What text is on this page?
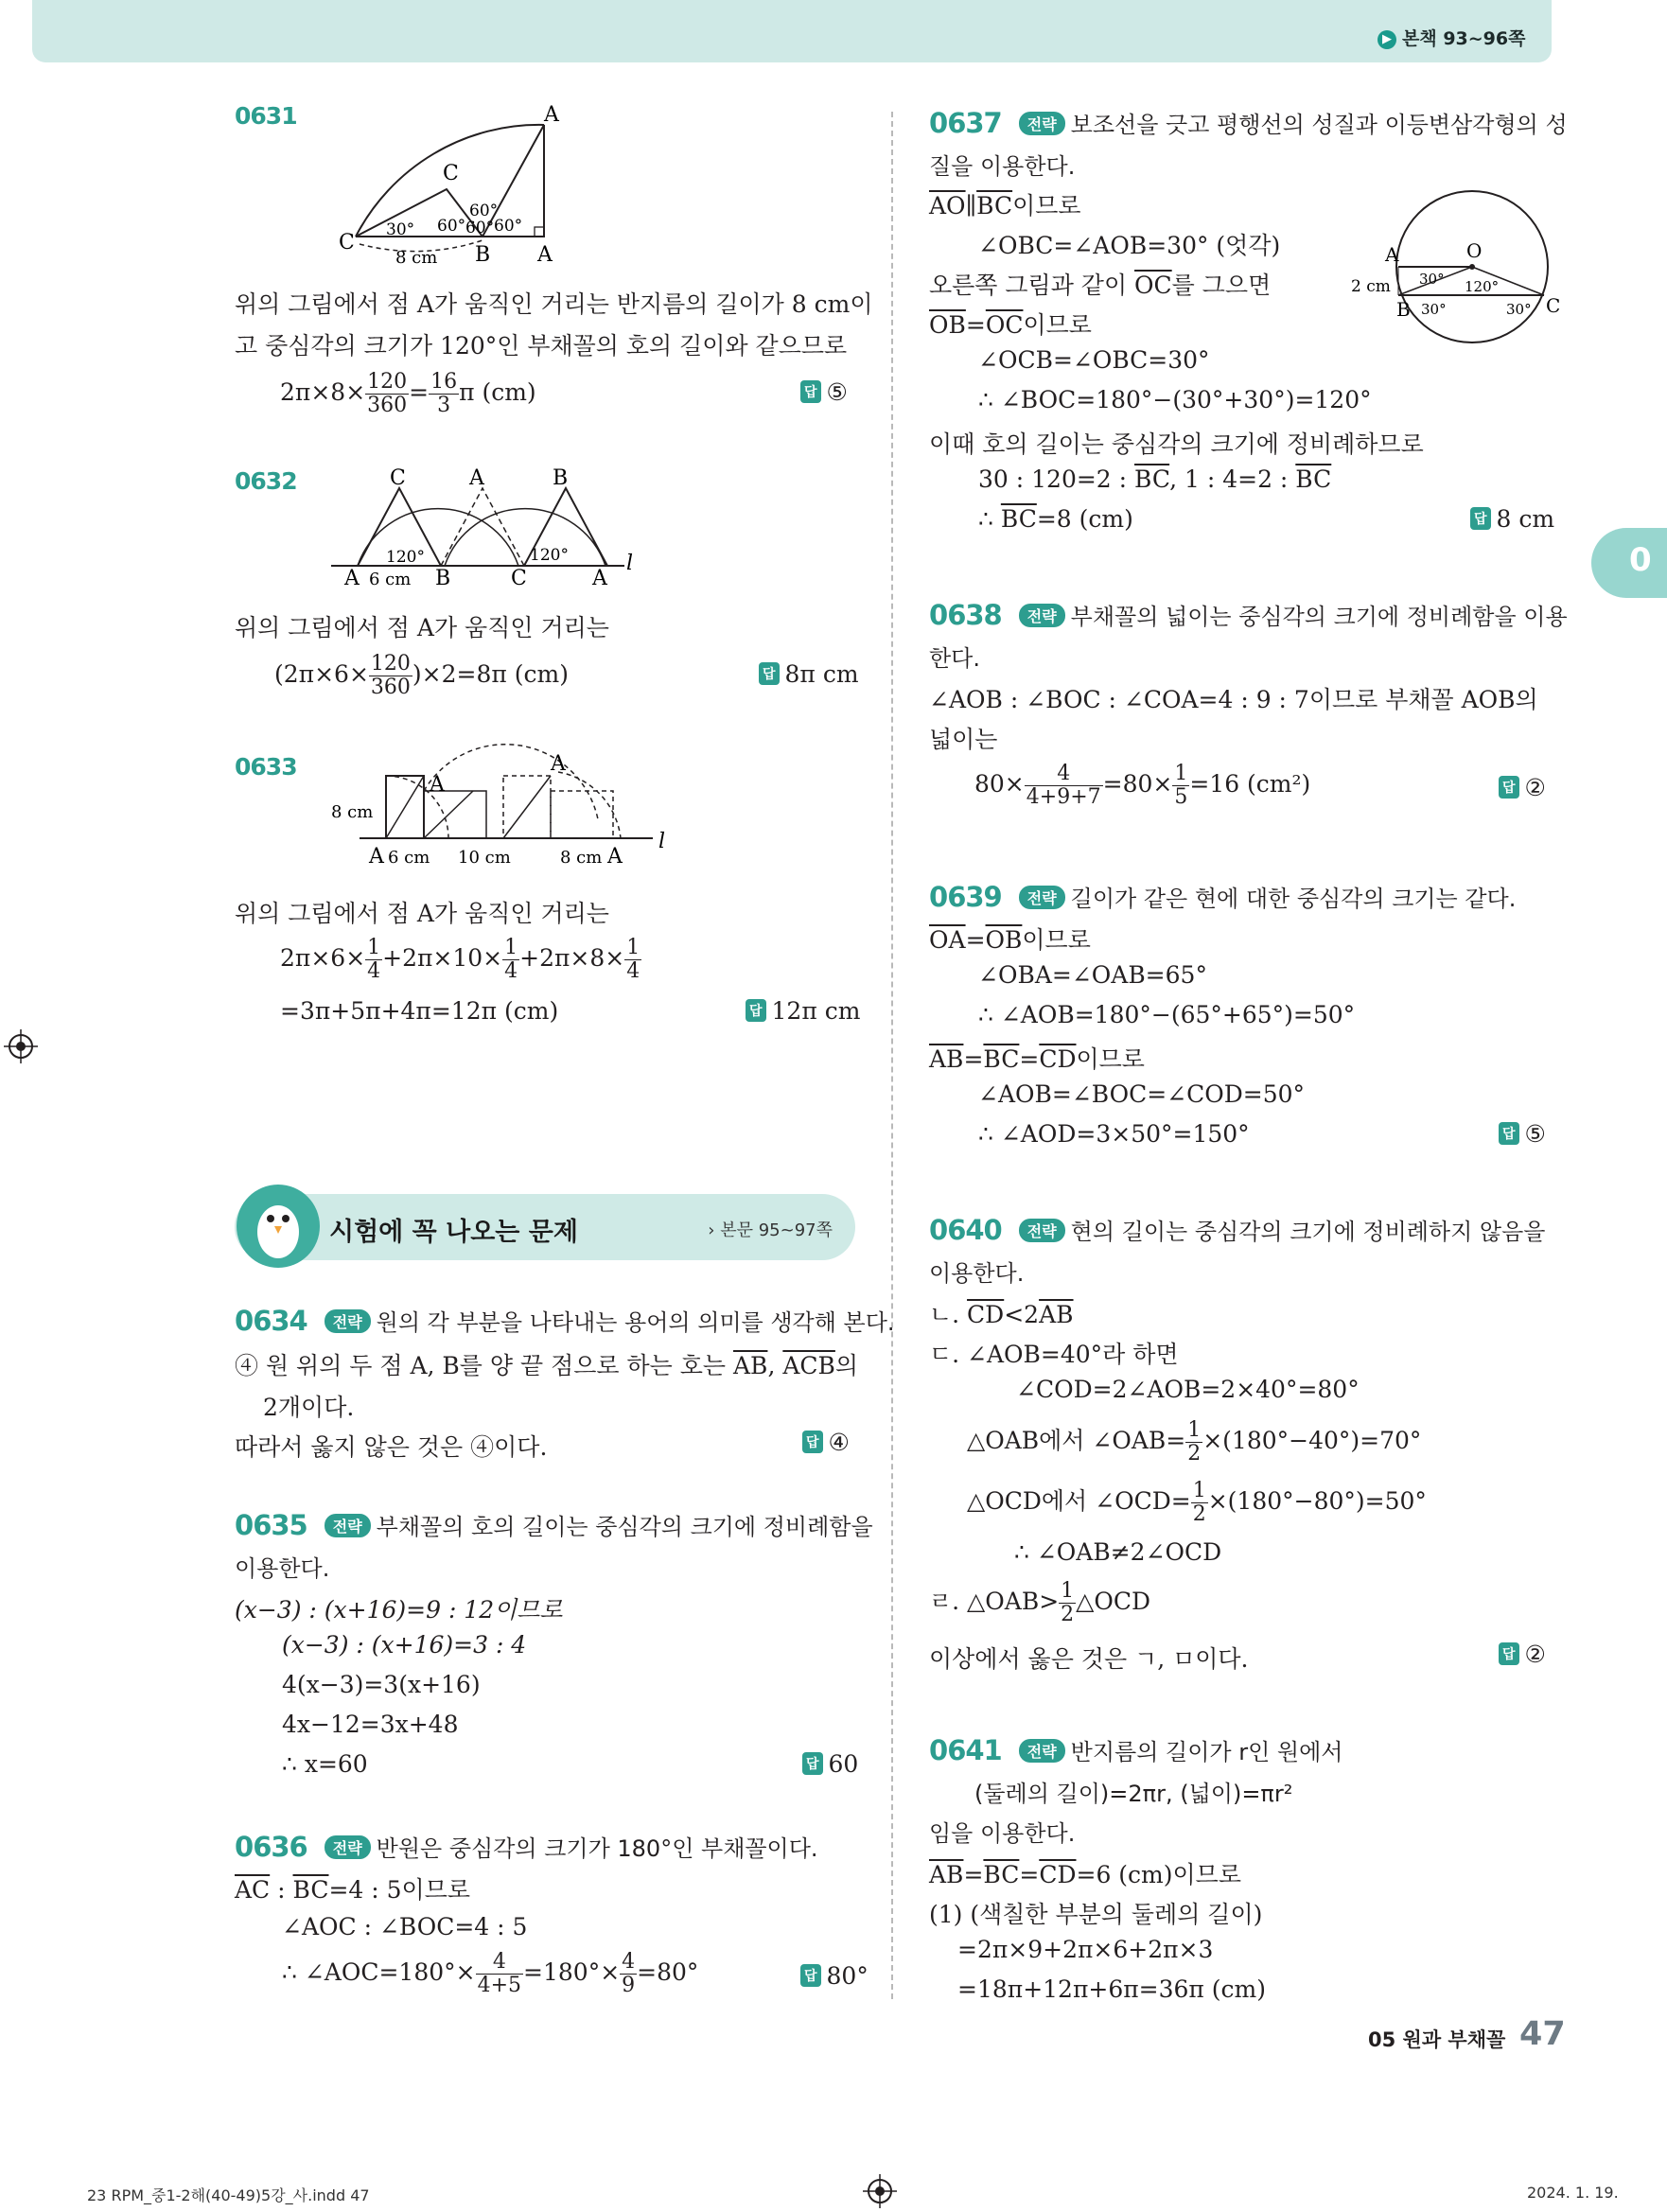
▶ 본책 93~96쪽
0
0631	A
C
C
B A
30° 60°
60°
60°
60°
8 cm
위의 그림에서 점 A가 움직인 거리는 반지름의 길이가 8 cm이
고 중심각의 크기가 120°인 부채꼴의 호의 길이와 같으므로
$2\pi\times 8\times \frac{120}{360} = \frac{16}{3}$ π (cm)	답 ⑤
0632	C	A	B
A	B	C	A
l
120°	120°
6 cm
위의 그림에서 점 A가 움직인 거리는
$(2\pi\times 6\times \frac{120}{360} )\times 2=8\pi$ (cm)	답 8π cm
0633
8 cm
A
A
A	A
6 cm 10 cm	8 cm
l
위의 그림에서 점 A가 움직인 거리는
$2\pi\times 6\times \frac{1}{4} +2\pi\times 10\times \frac{1}{4} +2\pi\times 8\times \frac{1}{4}$
=3π+5π+4π=12π (cm)	답 12π cm
시험에 꼭 나오는 문제	› 본문 95~97쪽
0634 전략 원의 각 부분을 나타내는 용어의 의미를 생각해 본다.
④ 원 위의 두 점 A, B를 양 끝 점으로 하는 호는 $\overline{AB}$, $\overline{ACB}$의
2개이다.
따라서 옳지 않은 것은 ④이다.	답 ④
0635 전략 부채꼴의 호의 길이는 중심각의 크기에 정비례함을
이용한다.
(x−3) : (x+16)=9 : 12이므로
(x−3) : (x+16)=3 : 4
4(x−3)=3(x+16)
4x−12=3x+48
∴ x=60	답 60
0636 전략 반원은 중심각의 크기가 180°인 부채꼴이다.
$\overline{AC}$ : $\overline{BC}=4$ : 5이므로
∠AOC : ∠BOC=4 : 5
∴ ∠AOC=180°× $\frac{4}{4+5} =180^\circ\times \frac{4}{9} =80^\circ$	답 80°
0637 전략 보조선을 긋고 평행선의 성질과 이등변삼각형의 성
질을 이용한다.
$\overline{AO}\parallel\overline{BC}$이므로
∠OBC=∠AOB=30° (엇각)
오른쪽 그림과 같이 $\overline{OC}$를 그으면
$\overline{OB}=\overline{OC}$이므로
∠OCB=∠OBC=30°
∴ ∠BOC=180°−(30°+30°)=120°
이때 호의 길이는 중심각의 크기에 정비례하므로
30 : 120=2 : $\overline{BC}$, 1 : 4=2 : $\overline{BC}$
∴ $\overline{BC}=8$ (cm)	답 8 cm
A	O
B	C
2 cm 30° 120°
30°	30°
0638 전략 부채꼴의 넓이는 중심각의 크기에 정비례함을 이용
한다.
∠AOB : ∠BOC : ∠COA=4 : 9 : 7이므로 부채꼴 AOB의
넓이는
$80\times \frac{4}{4+9+7} =80\times \frac{1}{5} =16$ (cm²)	답 ②
0639 전략 길이가 같은 현에 대한 중심각의 크기는 같다.
$\overline{OA}=\overline{OB}$이므로
∠OBA=∠OAB=65°
∴ ∠AOB=180°−(65°+65°)=50°
$\overline{AB}=\overline{BC}=\overline{CD}$이므로
∠AOB=∠BOC=∠COD=50°
∴ ∠AOD=3×50°=150°	답 ⑤
0640 전략 현의 길이는 중심각의 크기에 정비례하지 않음을
이용한다.
ㄴ. $\overline{CD}<2\overline{AB}$
ㄷ. ∠AOB=40°라 하면
∠COD=2∠AOB=2×40°=80°
△OAB에서 ∠OAB= $\frac{1}{2} \times(180^\circ-40^\circ)=70^\circ$
△OCD에서 ∠OCD= $\frac{1}{2} \times(180^\circ-80^\circ)=50^\circ$
∴ ∠OAB≠2∠OCD
ㄹ. △OAB> $\frac{1}{2}$ △OCD
이상에서 옳은 것은 ㄱ, ㅁ이다.	답 ②
0641 전략 반지름의 길이가 r인 원에서
(둘레의 길이)=2πr, (넓이)=πr²
임을 이용한다.
$\overline{AB}=\overline{BC}=\overline{CD}=6$ (cm)이므로
(1) (색칠한 부분의 둘레의 길이)
=2π×9+2π×6+2π×3
=18π+12π+6π=36π (cm)
05 원과 부채꼴 47
23 RPM_중1-2해(40-49)5강_사.indd 47	2024. 1. 19.
